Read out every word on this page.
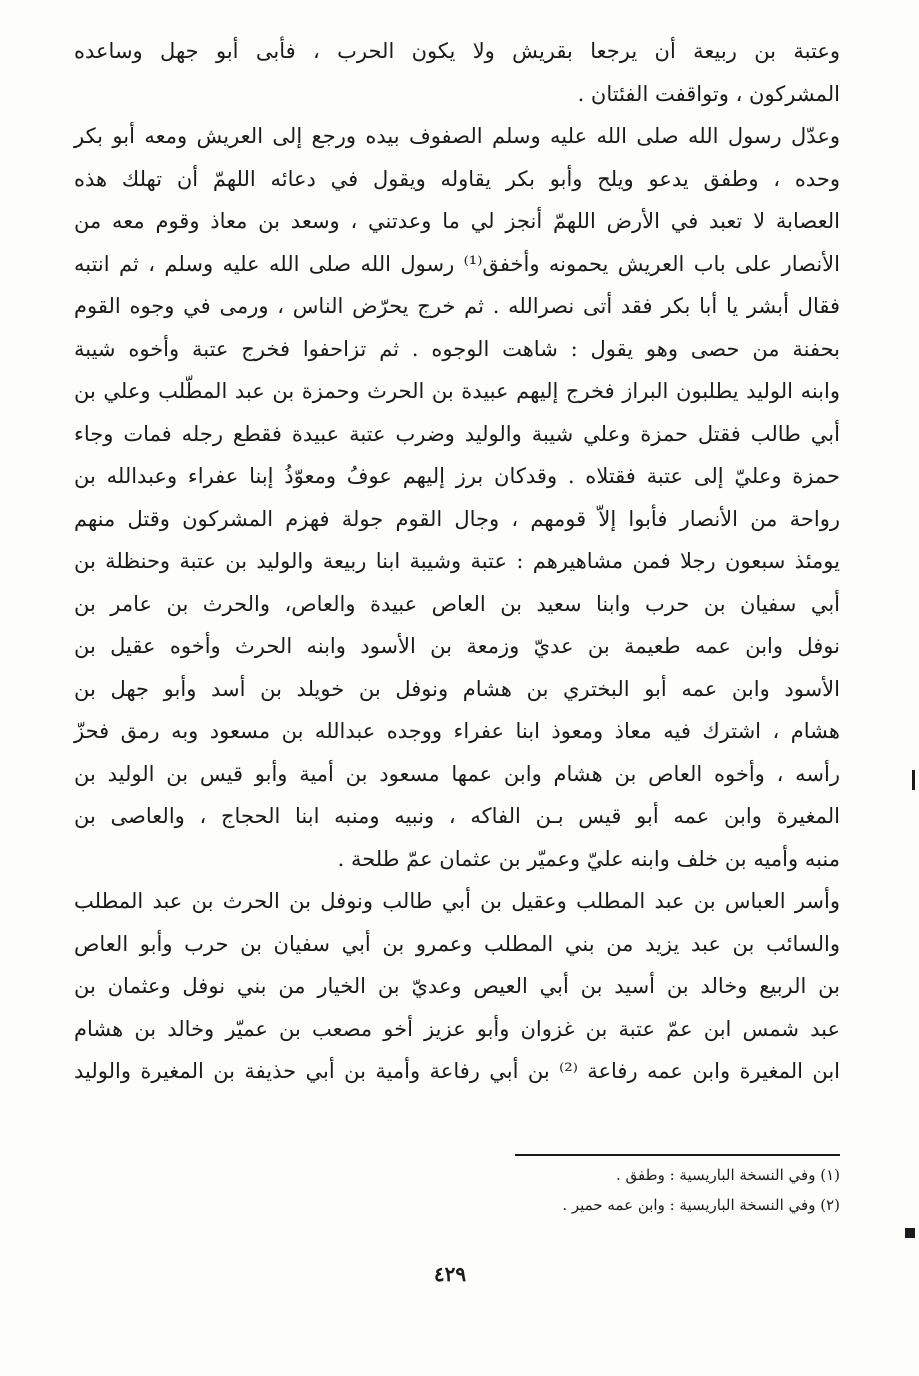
وعتبة بن ربيعة أن يرجعا بقريش ولا يكون الحرب ، فأبى أبو جهل وساعده
المشركون ، وتواقفت الفئتان .
وعدّل رسول الله صلى الله عليه وسلم الصفوف بيده ورجع إلى العريش ومعه أبو بكر
وحده ، وطفق يدعو ويلح وأبو بكر يقاوله ويقول في دعائه اللهمّ أن تهلك هذه
العصابة لا تعبد في الأرض اللهمّ أنجز لي ما وعدتني ، وسعد بن معاذ وقوم معه من
الأنصار على باب العريش يحمونه وأخفق⁽¹⁾ رسول الله صلى الله عليه وسلم ، ثم انتبه
فقال أبشر يا أبا بكر فقد أتى نصرالله . ثم خرج يحرّض الناس ، ورمى في وجوه القوم
بحفنة من حصى وهو يقول : شاهت الوجوه . ثم تزاحفوا فخرج عتبة وأخوه شيبة
وابنه الوليد يطلبون البراز فخرج إليهم عبيدة بن الحرث وحمزة بن عبد المطّلب وعلي بن
أبي طالب فقتل حمزة وعلي شيبة والوليد وضرب عتبة عبيدة فقطع رجله فمات وجاء
حمزة وعليّ إلى عتبة فقتلاه . وقدكان برز إليهم عوفُ ومعوّذُ إبنا عفراء وعبدالله بن
رواحة من الأنصار فأبوا إلاّ قومهم ، وجال القوم جولة فهزم المشركون وقتل منهم
يومئذ سبعون رجلا فمن مشاهيرهم : عتبة وشيبة ابنا ربيعة والوليد بن عتبة وحنظلة بن
أبي سفيان بن حرب وابنا سعيد بن العاص عبيدة والعاص، والحرث بن عامر بن
نوفل وابن عمه طعيمة بن عديّ وزمعة بن الأسود وابنه الحرث وأخوه عقيل بن
الأسود وابن عمه أبو البختري بن هشام ونوفل بن خويلد بن أسد وأبو جهل بن
هشام ، اشترك فيه معاذ ومعوذ ابنا عفراء ووجده عبدالله بن مسعود وبه رمق فحزّ
رأسه ، وأخوه العاص بن هشام وابن عمها مسعود بن أمية وأبو قيس بن الوليد بن
المغيرة وابن عمه أبو قيس بـن الفاكه ، ونبيه ومنبه ابنا الحجاج ، والعاصى بن
منبه وأميه بن خلف وابنه عليّ وعميّر بن عثمان عمّ طلحة .
وأسر العباس بن عبد المطلب وعقيل بن أبي طالب ونوفل بن الحرث بن عبد المطلب
والسائب بن عبد يزيد من بني المطلب وعمرو بن أبي سفيان بن حرب وأبو العاص
بن الربيع وخالد بن أسيد بن أبي العيص وعديّ بن الخيار من بني نوفل وعثمان بن
عبد شمس ابن عمّ عتبة بن غزوان وأبو عزيز أخو مصعب بن عميّر وخالد بن هشام
ابن المغيرة وابن عمه رفاعة ⁽²⁾ بن أبي رفاعة وأمية بن أبي حذيفة بن المغيرة والوليد
(١) وفي النسخة الباريسية : وطفق .
(٢) وفي النسخة الباريسية : وابن عمه حمير .
٤٢٩
